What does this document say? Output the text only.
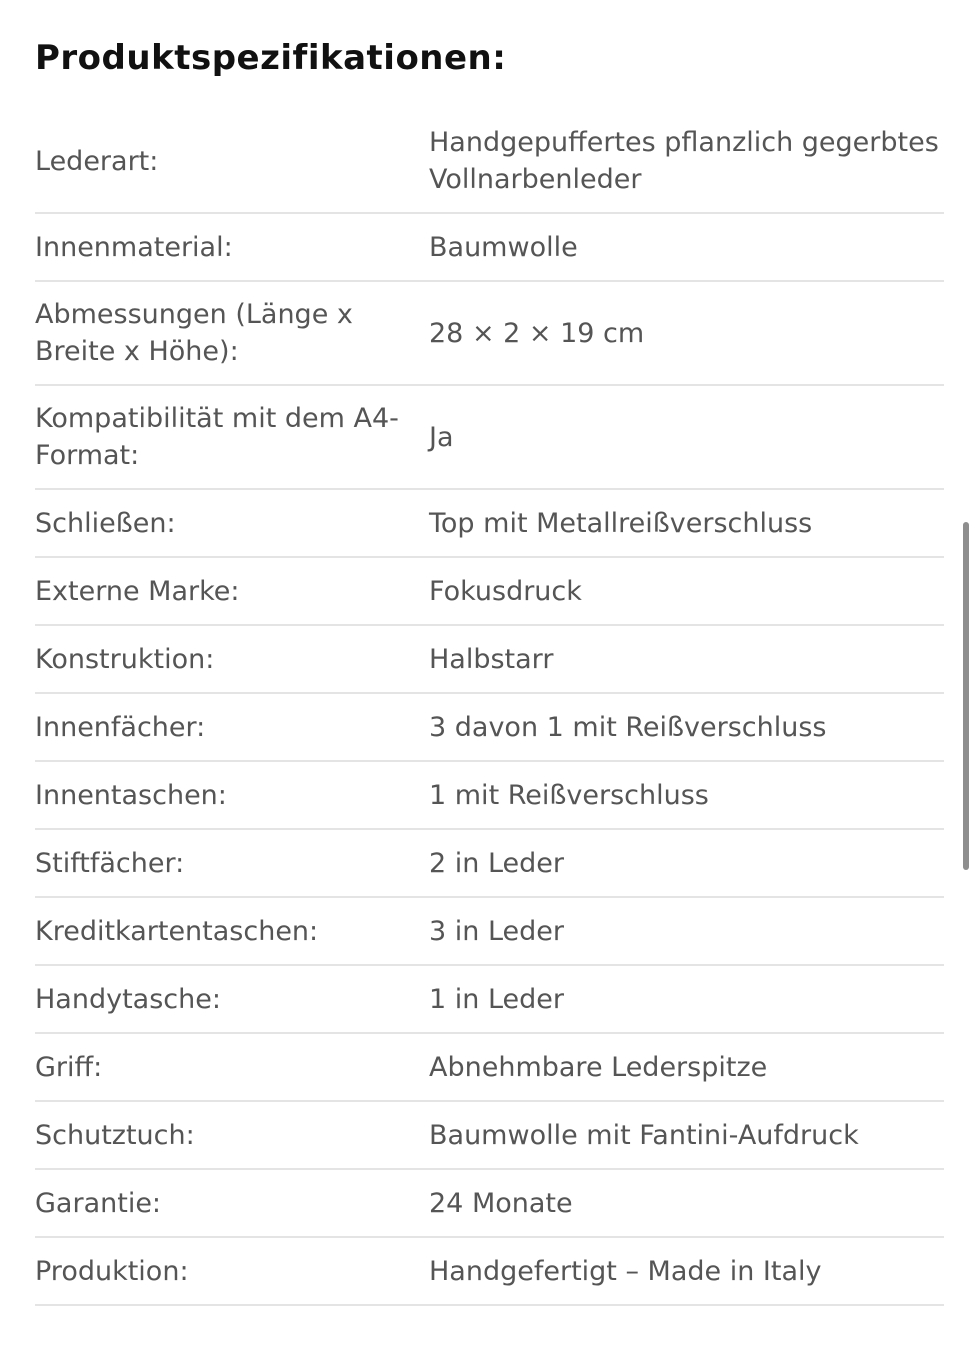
Produktspezifikationen:
Lederart:
Handgepuffertes pflanzlich gegerbtes Vollnarbenleder
Innenmaterial:	Baumwolle
Abmessungen (Länge x Breite x Höhe):
28 × 2 × 19 cm
Kompatibilität mit dem A4-Format:
Ja
Schließen:	Top mit Metallreißverschluss
Externe Marke:	Fokusdruck
Konstruktion:	Halbstarr
Innenfächer:	3 davon 1 mit Reißverschluss
Innentaschen:	1 mit Reißverschluss
Stiftfächer:	2 in Leder
Kreditkartentaschen:	3 in Leder
Handytasche:	1 in Leder
Griff:	Abnehmbare Lederspitze
Schutztuch:	Baumwolle mit Fantini-Aufdruck
Garantie:	24 Monate
Produktion:	Handgefertigt – Made in Italy
